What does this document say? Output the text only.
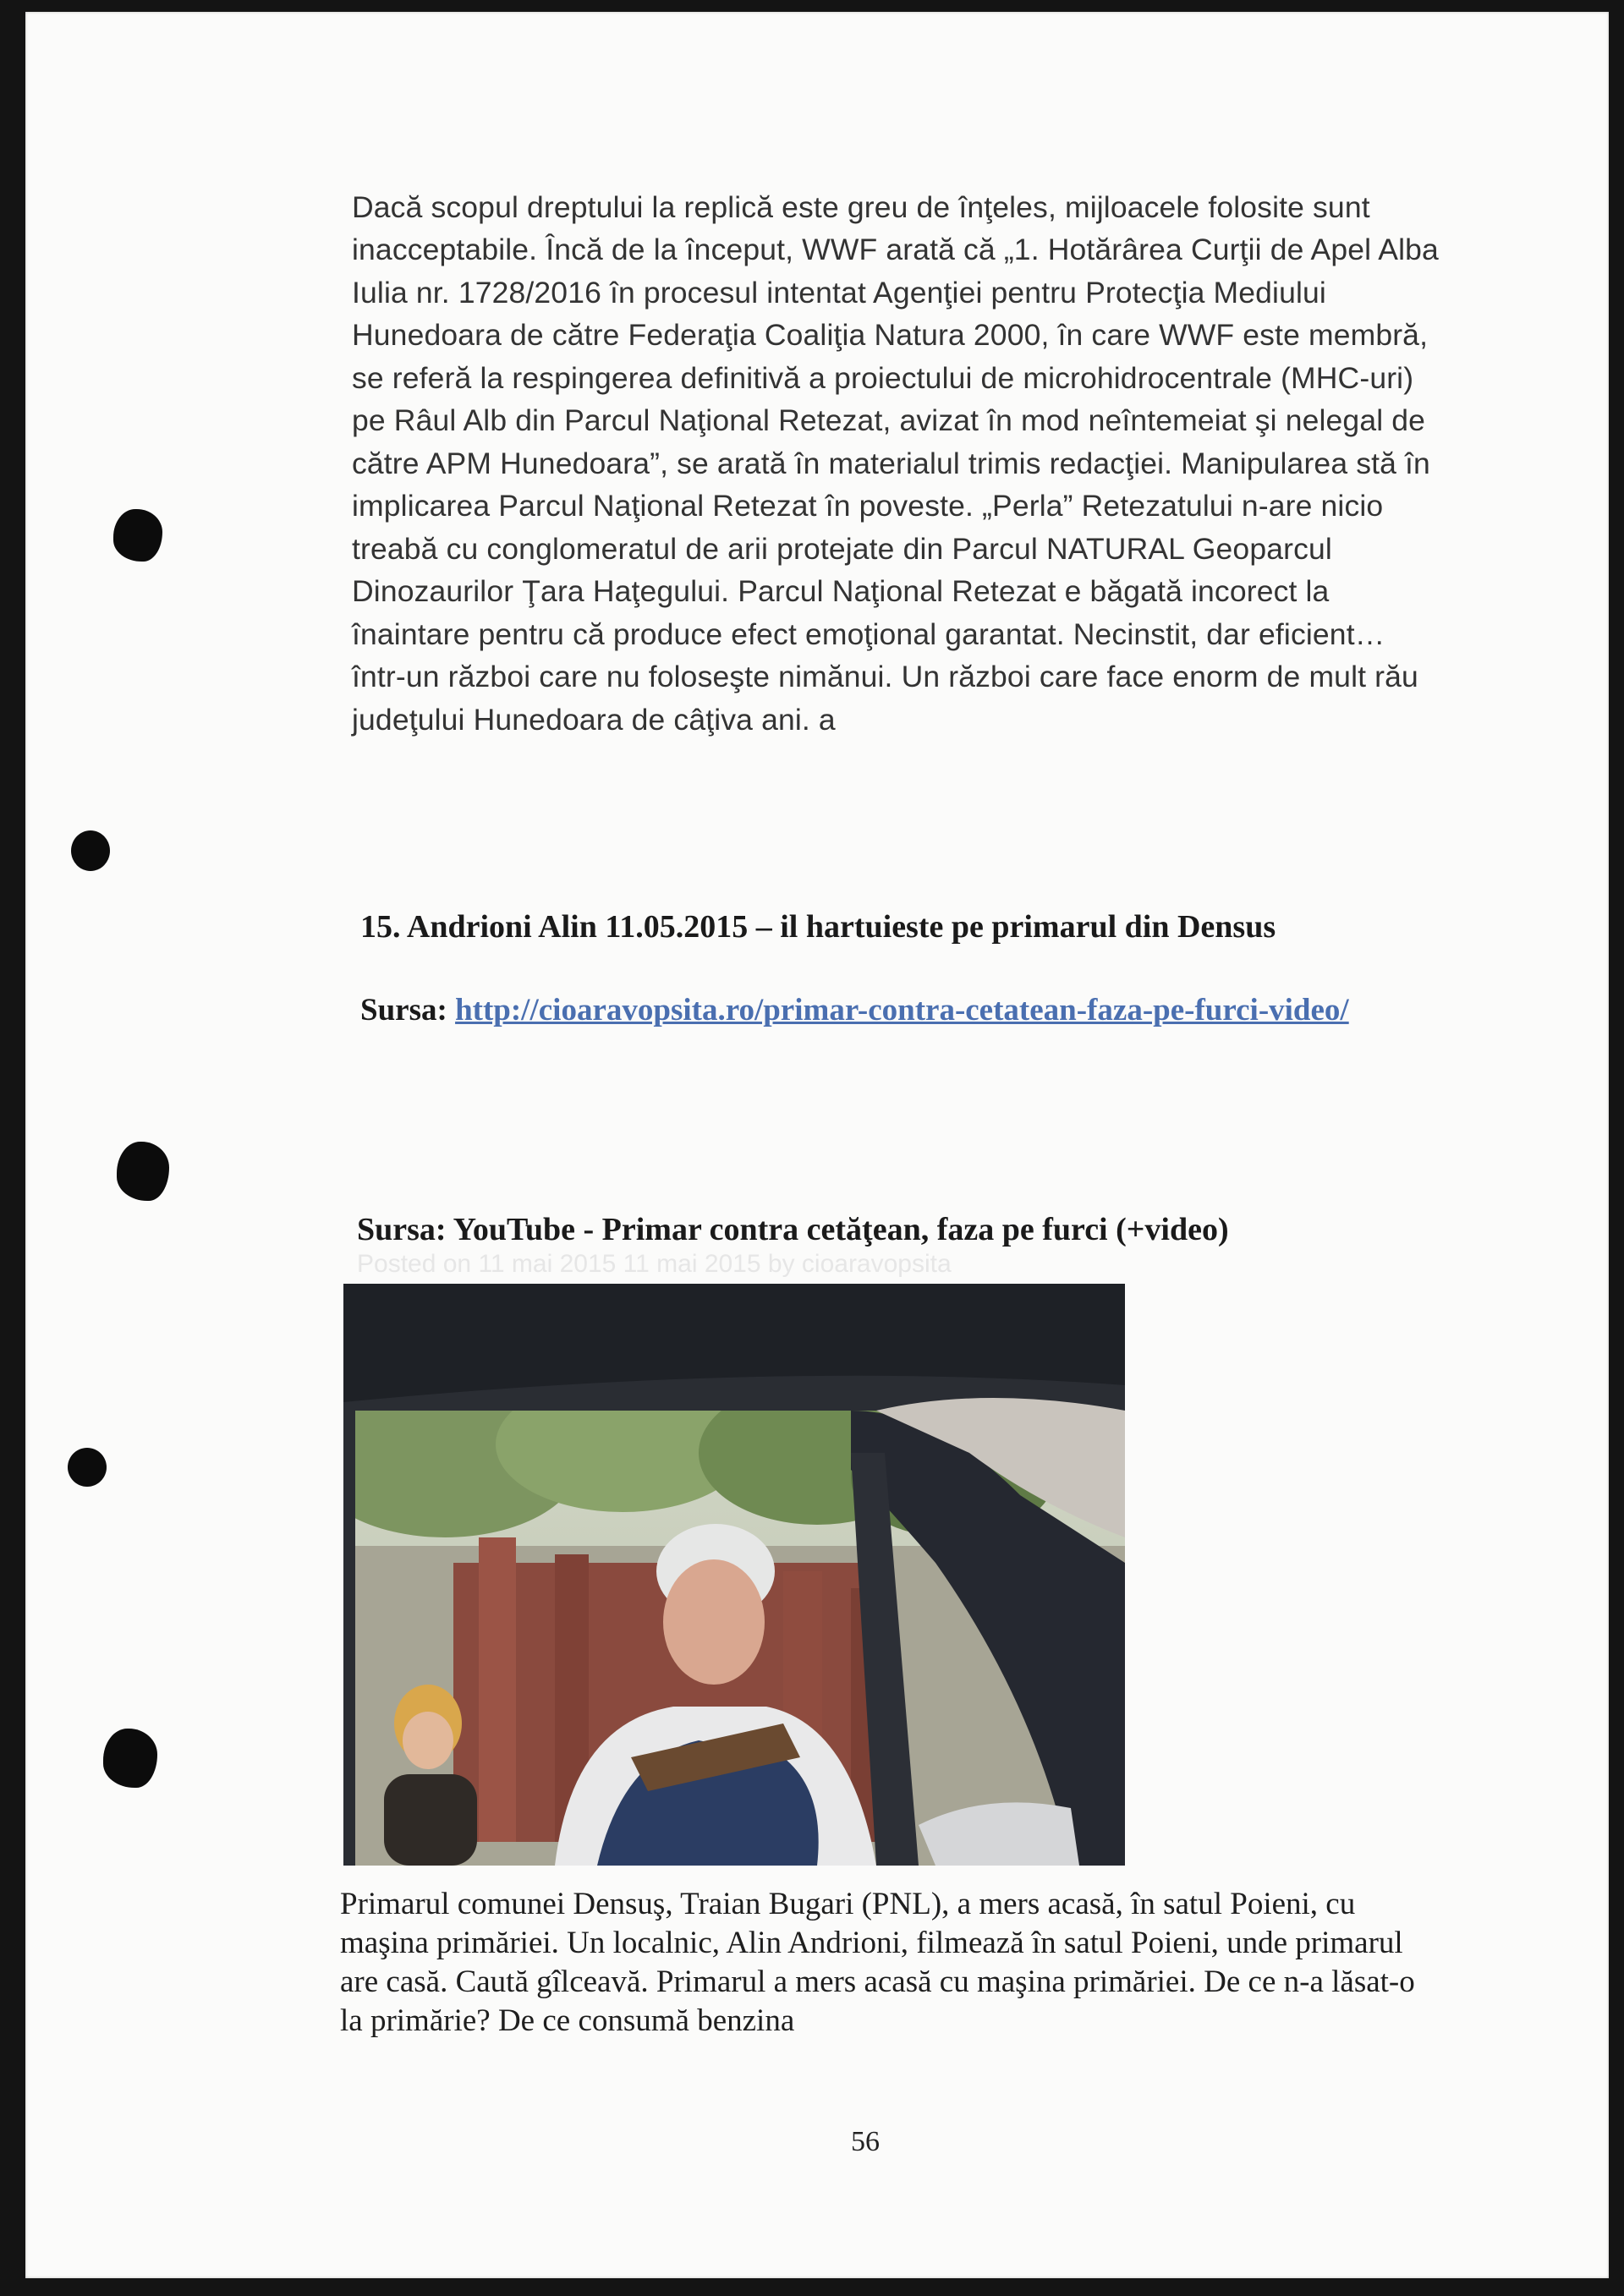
Dacă scopul dreptului la replică este greu de înţeles, mijloacele folosite sunt inacceptabile. Încă de la început, WWF arată că „1. Hotărârea Curţii de Apel Alba Iulia nr. 1728/2016 în procesul intentat Agenţiei pentru Protecţia Mediului Hunedoara de către Federaţia Coaliţia Natura 2000, în care WWF este membră, se referă la respingerea definitivă a proiectului de microhidrocentrale (MHC-uri) pe Râul Alb din Parcul Naţional Retezat, avizat în mod neîntemeiat şi nelegal de către APM Hunedoara”, se arată în materialul trimis redacţiei. Manipularea stă în implicarea Parcul Naţional Retezat în poveste. „Perla” Retezatului n-are nicio treabă cu conglomeratul de arii protejate din Parcul NATURAL Geoparcul Dinozaurilor Ţara Haţegului. Parcul Naţional Retezat e băgată incorect la înaintare pentru că produce efect emoţional garantat. Necinstit, dar eficient… într-un război care nu foloseşte nimănui. Un război care face enorm de mult rău judeţului Hunedoara de câţiva ani. a

15. Andrioni Alin 11.05.2015 – il hartuieste pe primarul din Densus
Sursa: http://cioaravopsita.ro/primar-contra-cetatean-faza-pe-furci-video/
Sursa: YouTube - Primar contra cetăţean, faza pe furci (+video)
Posted on 11 mai 2015 11 mai 2015 by cioaravopsita

Primarul comunei Densuş, Traian Bugari (PNL), a mers acasă, în satul Poieni, cu maşina primăriei. Un localnic, Alin Andrioni, filmează în satul Poieni, unde primarul are casă. Caută gîlceavă. Primarul a mers acasă cu maşina primăriei. De ce n-a lăsat-o la primărie? De ce consumă benzina

56
